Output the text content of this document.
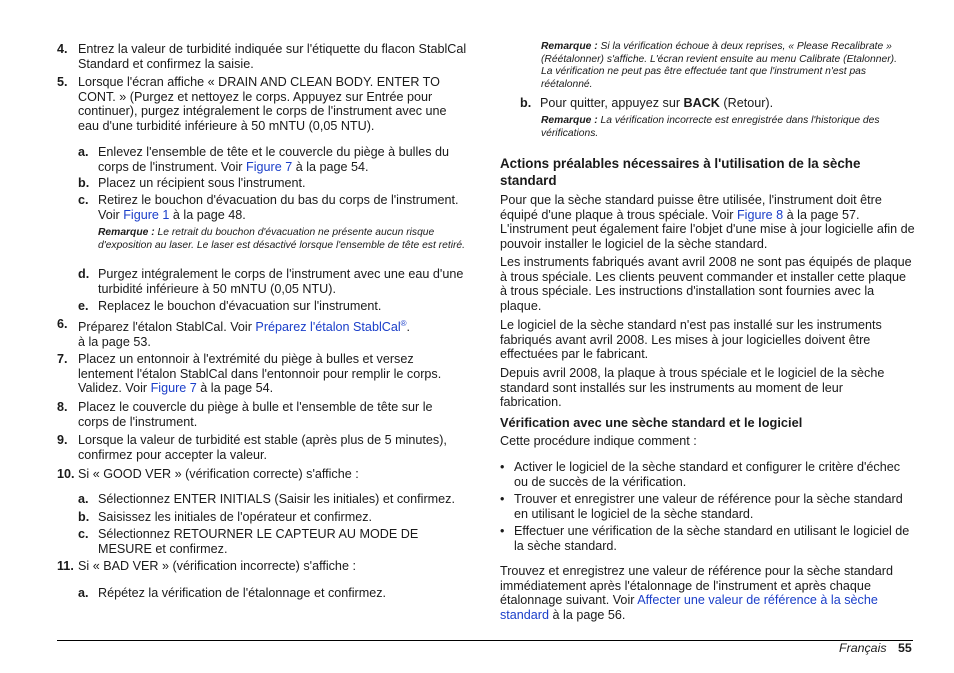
4. Entrez la valeur de turbidité indiquée sur l'étiquette du flacon StablCal Standard et confirmez la saisie.
5. Lorsque l'écran affiche « DRAIN AND CLEAN BODY. ENTER TO CONT. » (Purgez et nettoyez le corps. Appuyez sur Entrée pour continuer), purgez intégralement le corps de l'instrument avec une eau d'une turbidité inférieure à 50 mNTU (0,05 NTU).
a. Enlevez l'ensemble de tête et le couvercle du piège à bulles du corps de l'instrument. Voir Figure 7 à la page 54.
b. Placez un récipient sous l'instrument.
c. Retirez le bouchon d'évacuation du bas du corps de l'instrument. Voir Figure 1 à la page 48.
Remarque : Le retrait du bouchon d'évacuation ne présente aucun risque d'exposition au laser. Le laser est désactivé lorsque l'ensemble de tête est retiré.
d. Purgez intégralement le corps de l'instrument avec une eau d'une turbidité inférieure à 50 mNTU (0,05 NTU).
e. Replacez le bouchon d'évacuation sur l'instrument.
6. Préparez l'étalon StablCal. Voir Préparez l'étalon StablCal®.
à la page 53.
7. Placez un entonnoir à l'extrémité du piège à bulles et versez lentement l'étalon StablCal dans l'entonnoir pour remplir le corps. Validez. Voir Figure 7 à la page 54.
8. Placez le couvercle du piège à bulle et l'ensemble de tête sur le corps de l'instrument.
9. Lorsque la valeur de turbidité est stable (après plus de 5 minutes), confirmez pour accepter la valeur.
10. Si « GOOD VER » (vérification correcte) s'affiche :
a. Sélectionnez ENTER INITIALS (Saisir les initiales) et confirmez.
b. Saisissez les initiales de l'opérateur et confirmez.
c. Sélectionnez RETOURNER LE CAPTEUR AU MODE DE MESURE et confirmez.
11. Si « BAD VER » (vérification incorrecte) s'affiche :
a. Répétez la vérification de l'étalonnage et confirmez.
Remarque : Si la vérification échoue à deux reprises, « Please Recalibrate » (Réétalonner) s'affiche. L'écran revient ensuite au menu Calibrate (Etalonner). La vérification ne peut pas être effectuée tant que l'instrument n'est pas réétalonné.
b. Pour quitter, appuyez sur BACK (Retour).
Remarque : La vérification incorrecte est enregistrée dans l'historique des vérifications.
Actions préalables nécessaires à l'utilisation de la sèche standard
Pour que la sèche standard puisse être utilisée, l'instrument doit être équipé d'une plaque à trous spéciale. Voir Figure 8 à la page 57. L'instrument peut également faire l'objet d'une mise à jour logicielle afin de pouvoir installer le logiciel de la sèche standard.
Les instruments fabriqués avant avril 2008 ne sont pas équipés de plaque à trous spéciale. Les clients peuvent commander et installer cette plaque à trous spéciale. Les instructions d'installation sont fournies avec la plaque.
Le logiciel de la sèche standard n'est pas installé sur les instruments fabriqués avant avril 2008. Les mises à jour logicielles doivent être effectuées par le fabricant.
Depuis avril 2008, la plaque à trous spéciale et le logiciel de la sèche standard sont installés sur les instruments au moment de leur fabrication.
Vérification avec une sèche standard et le logiciel
Cette procédure indique comment :
• Activer le logiciel de la sèche standard et configurer le critère d'échec ou de succès de la vérification.
• Trouver et enregistrer une valeur de référence pour la sèche standard en utilisant le logiciel de la sèche standard.
• Effectuer une vérification de la sèche standard en utilisant le logiciel de la sèche standard.
Trouvez et enregistrez une valeur de référence pour la sèche standard immédiatement après l'étalonnage de l'instrument et après chaque étalonnage suivant. Voir Affecter une valeur de référence à la sèche standard à la page 56.
Français 55
